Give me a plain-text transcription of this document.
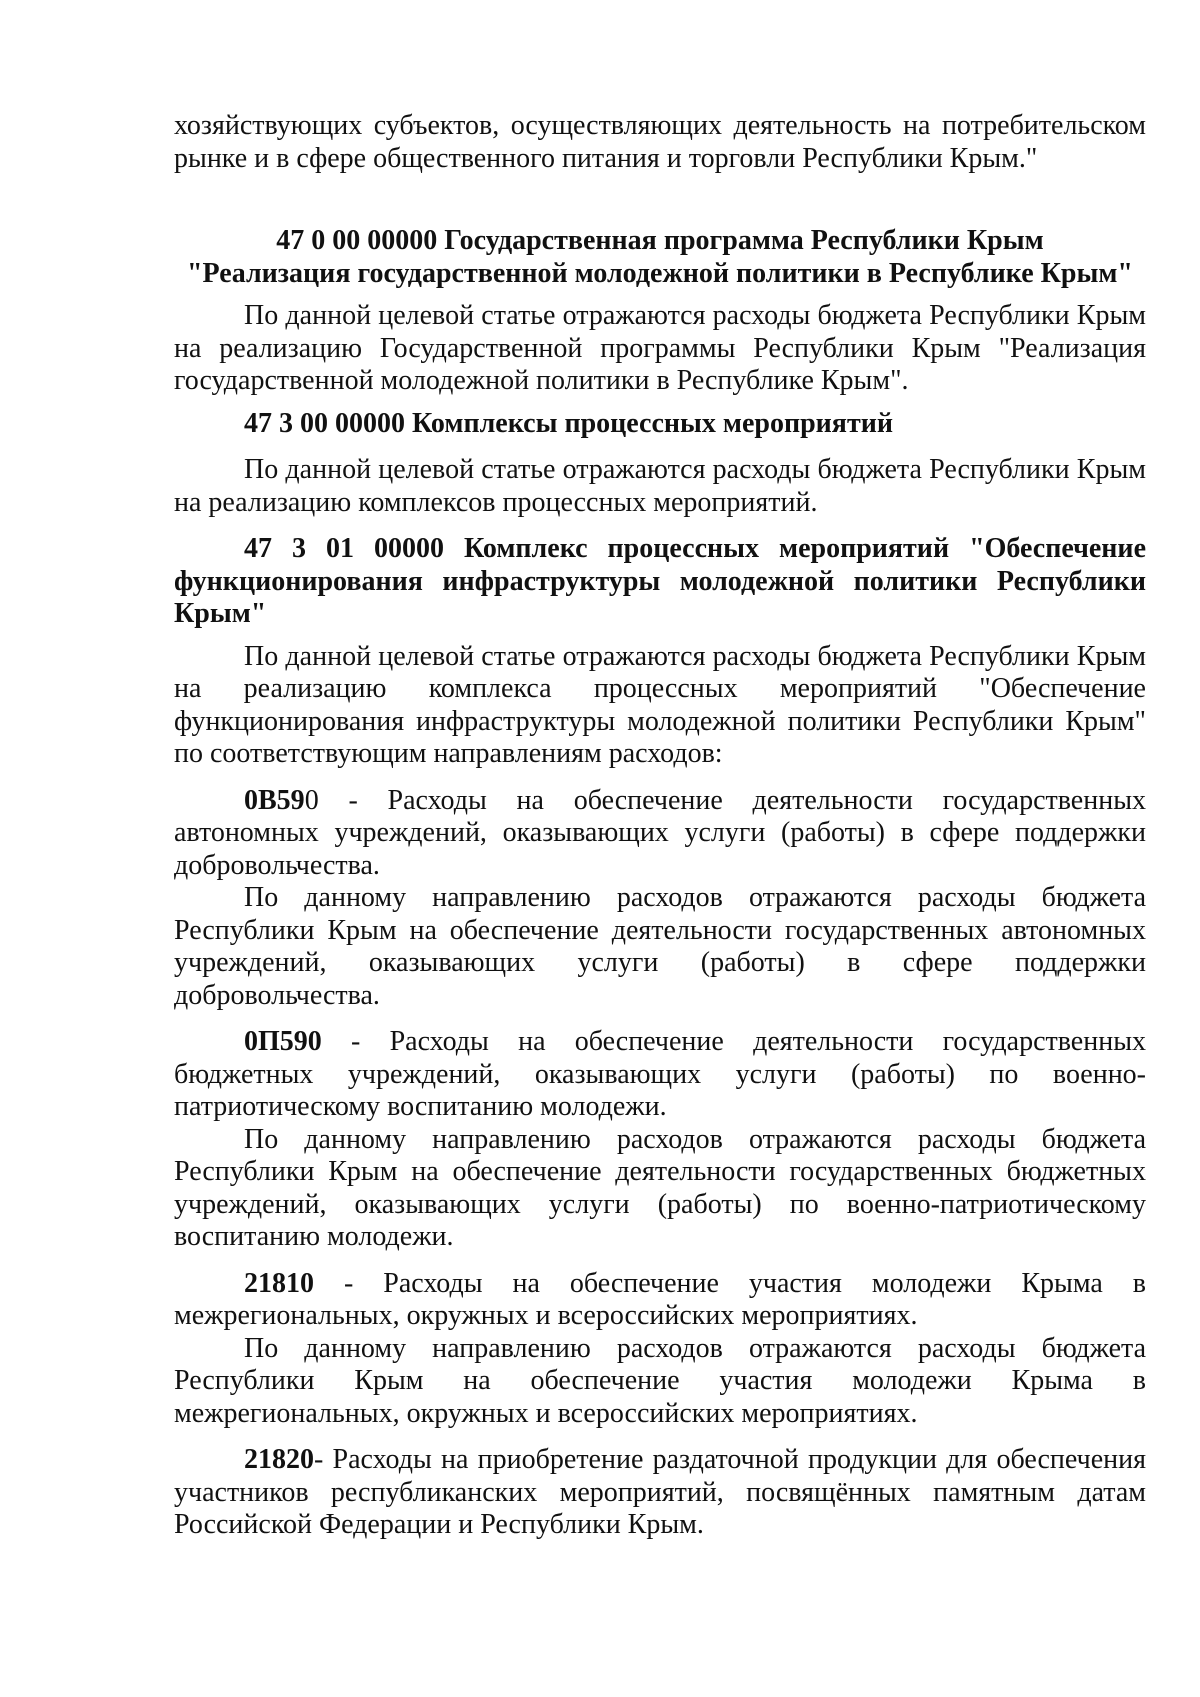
хозяйствующих субъектов, осуществляющих деятельность на потребительском рынке и в сфере общественного питания и торговли Республики Крым."

47 0 00 00000 Государственная программа Республики Крым
"Реализация государственной молодежной политики в Республике Крым"

По данной целевой статье отражаются расходы бюджета Республики Крым на реализацию Государственной программы Республики Крым "Реализация государственной молодежной политики в Республике Крым".

47 3 00 00000 Комплексы процессных мероприятий

По данной целевой статье отражаются расходы бюджета Республики Крым на реализацию комплексов процессных мероприятий.

47 3 01 00000 Комплекс процессных мероприятий "Обеспечение функционирования инфраструктуры молодежной политики Республики Крым"

По данной целевой статье отражаются расходы бюджета Республики Крым на реализацию комплекса процессных мероприятий "Обеспечение функционирования инфраструктуры молодежной политики Республики Крым" по соответствующим направлениям расходов:

0В590 - Расходы на обеспечение деятельности государственных автономных учреждений, оказывающих услуги (работы) в сфере поддержки добровольчества.

По данному направлению расходов отражаются расходы бюджета Республики Крым на обеспечение деятельности государственных автономных учреждений, оказывающих услуги (работы) в сфере поддержки добровольчества.

0П590 - Расходы на обеспечение деятельности государственных бюджетных учреждений, оказывающих услуги (работы) по военно-патриотическому воспитанию молодежи.

По данному направлению расходов отражаются расходы бюджета Республики Крым на обеспечение деятельности государственных бюджетных учреждений, оказывающих услуги (работы) по военно-патриотическому воспитанию молодежи.

21810 - Расходы на обеспечение участия молодежи Крыма в межрегиональных, окружных и всероссийских мероприятиях.

По данному направлению расходов отражаются расходы бюджета Республики Крым на обеспечение участия молодежи Крыма в межрегиональных, окружных и всероссийских мероприятиях.

21820- Расходы на приобретение раздаточной продукции для обеспечения участников республиканских мероприятий, посвящённых памятным датам Российской Федерации и Республики Крым.
